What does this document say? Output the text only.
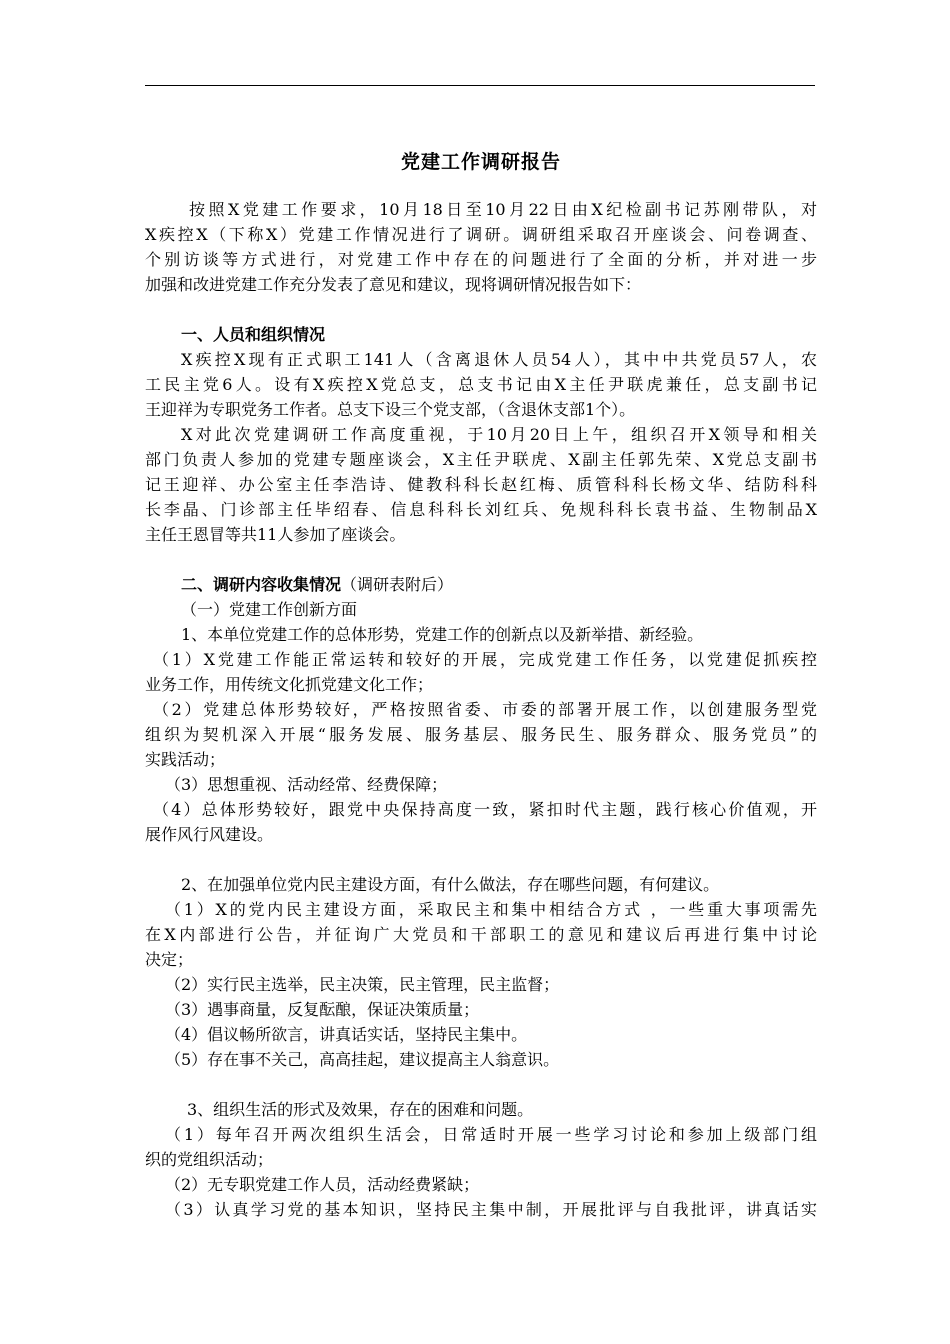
党建工作调研报告
按照X党建工作要求，10月18日至10月22日由X纪检副书记苏刚带队，对
X疾控X（下称X）党建工作情况进行了调研。调研组采取召开座谈会、问卷调查、
个别访谈等方式进行，对党建工作中存在的问题进行了全面的分析，并对进一步
加强和改进党建工作充分发表了意见和建议，现将调研情况报告如下：
一、人员和组织情况
X疾控X现有正式职工141人（含离退休人员54人），其中中共党员57人，农
工民主党6人。设有X疾控X党总支，总支书记由X主任尹联虎兼任，总支副书记
王迎祥为专职党务工作者。总支下设三个党支部，（含退休支部1个）。
X对此次党建调研工作高度重视，于10月20日上午，组织召开X领导和相关
部门负责人参加的党建专题座谈会，X主任尹联虎、X副主任郭先荣、X党总支副书
记王迎祥、办公室主任李浩诗、健教科科长赵红梅、质管科科长杨文华、结防科科
长李晶、门诊部主任毕绍春、信息科科长刘红兵、免规科科长袁书益、生物制品X
主任王恩冒等共11人参加了座谈会。
二、调研内容收集情况（调研表附后）
（一）党建工作创新方面
1、本单位党建工作的总体形势，党建工作的创新点以及新举措、新经验。
（1）X党建工作能正常运转和较好的开展，完成党建工作任务，以党建促抓疾控
业务工作，用传统文化抓党建文化工作；
（2）党建总体形势较好，严格按照省委、市委的部署开展工作，以创建服务型党
组织为契机深入开展“服务发展、服务基层、服务民生、服务群众、服务党员”的
实践活动；
（3）思想重视、活动经常、经费保障；
（4）总体形势较好，跟党中央保持高度一致，紧扣时代主题，践行核心价值观，开
展作风行风建设。
2、在加强单位党内民主建设方面，有什么做法，存在哪些问题，有何建议。
（1）X的党内民主建设方面，采取民主和集中相结合方式 ，一些重大事项需先
在X内部进行公告，并征询广大党员和干部职工的意见和建议后再进行集中讨论
决定；
（2）实行民主选举，民主决策，民主管理，民主监督；
（3）遇事商量，反复酝酿，保证决策质量；
（4）倡议畅所欲言，讲真话实话，坚持民主集中。
（5）存在事不关己，高高挂起，建议提高主人翁意识。
3、组织生活的形式及效果，存在的困难和问题。
（1）每年召开两次组织生活会，日常适时开展一些学习讨论和参加上级部门组
织的党组织活动；
（2）无专职党建工作人员，活动经费紧缺；
（3）认真学习党的基本知识，坚持民主集中制，开展批评与自我批评，讲真话实
